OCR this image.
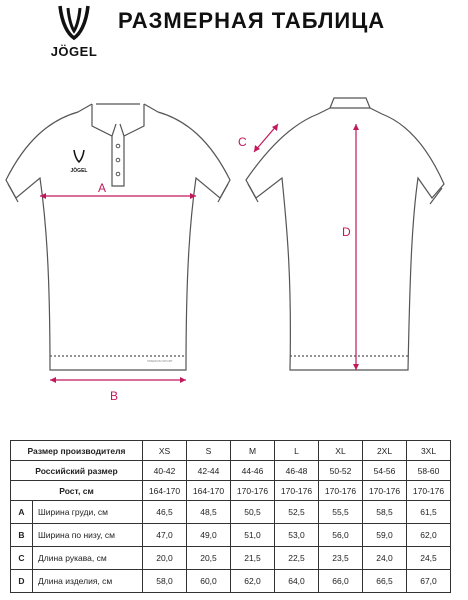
JÖGEL
РАЗМЕРНАЯ ТАБЛИЦА
JÖGEL
PREMIUM SPORT
A
B
C
D
Размер производителя		XS	S	M	L	XL	2XL	3XL
Российский размер		40-42	42-44	44-46	46-48	50-52	54-56	58-60
Рост, см		164-170	164-170	170-176	170-176	170-176	170-176	170-176
A	Ширина груди, см	46,5	48,5	50,5	52,5	55,5	58,5	61,5
B	Ширина по низу, см	47,0	49,0	51,0	53,0	56,0	59,0	62,0
C	Длина рукава, см	20,0	20,5	21,5	22,5	23,5	24,0	24,5
D	Длина изделия, см	58,0	60,0	62,0	64,0	66,0	66,5	67,0
